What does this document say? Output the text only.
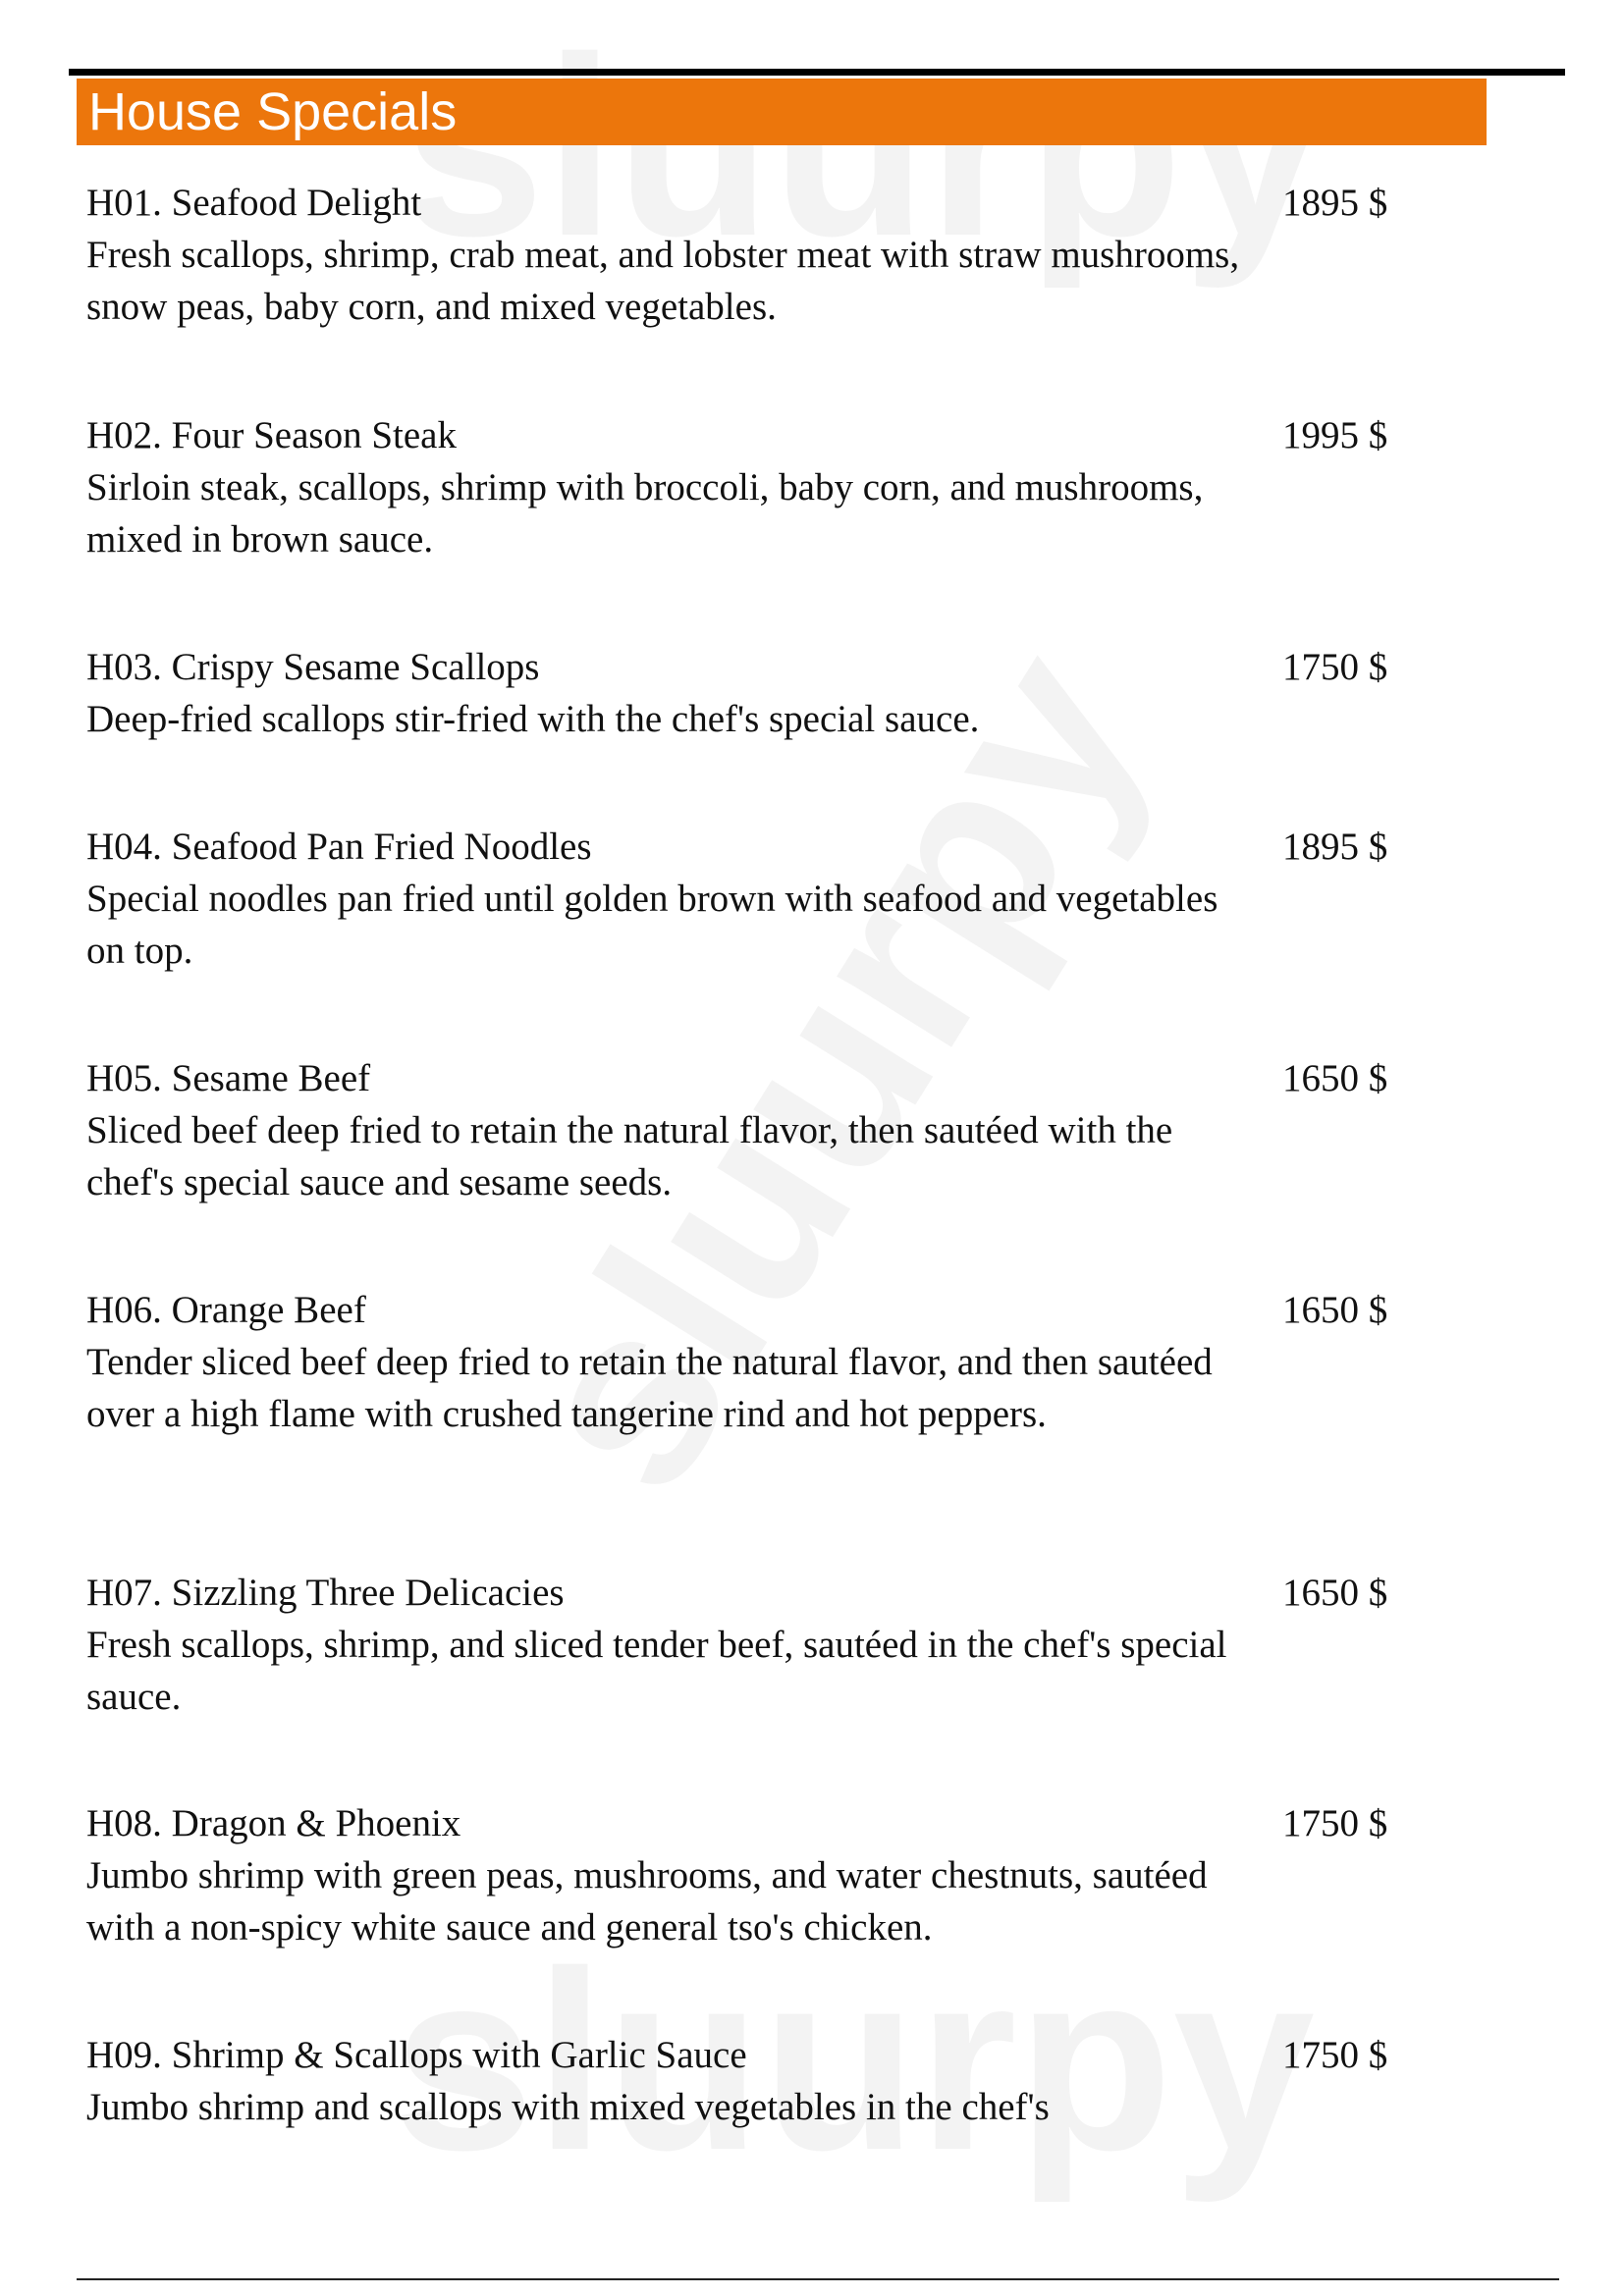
House Specials
H01. Seafood Delight	1895 $
Fresh scallops, shrimp, crab meat, and lobster meat with straw mushrooms, snow peas, baby corn, and mixed vegetables.
H02. Four Season Steak	1995 $
Sirloin steak, scallops, shrimp with broccoli, baby corn, and mushrooms, mixed in brown sauce.
H03. Crispy Sesame Scallops	1750 $
Deep-fried scallops stir-fried with the chef's special sauce.
H04. Seafood Pan Fried Noodles	1895 $
Special noodles pan fried until golden brown with seafood and vegetables on top.
H05. Sesame Beef	1650 $
Sliced beef deep fried to retain the natural flavor, then sautéed with the chef's special sauce and sesame seeds.
H06. Orange Beef	1650 $
Tender sliced beef deep fried to retain the natural flavor, and then sautéed over a high flame with crushed tangerine rind and hot peppers.
H07. Sizzling Three Delicacies	1650 $
Fresh scallops, shrimp, and sliced tender beef, sautéed in the chef's special sauce.
H08. Dragon & Phoenix	1750 $
Jumbo shrimp with green peas, mushrooms, and water chestnuts, sautéed with a non-spicy white sauce and general tso's chicken.
H09. Shrimp & Scallops with Garlic Sauce	1750 $
Jumbo shrimp and scallops with mixed vegetables in the chef's
